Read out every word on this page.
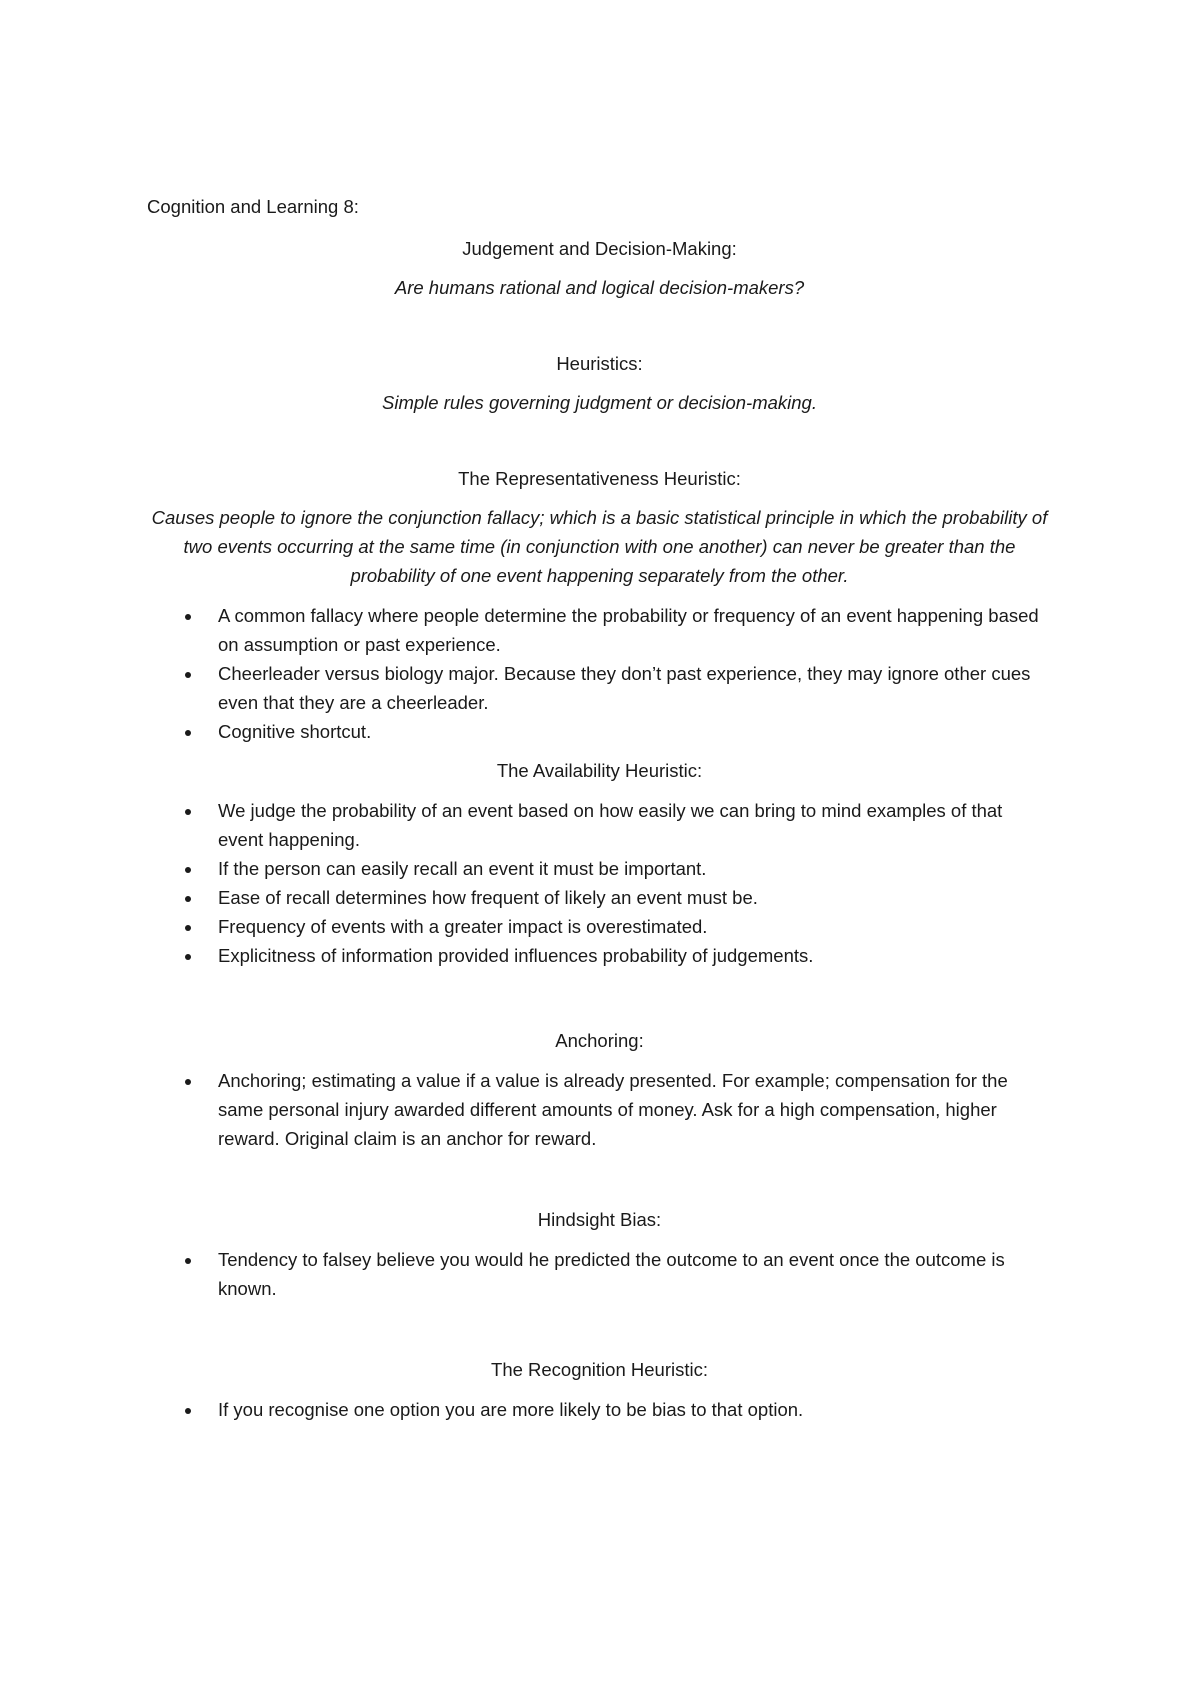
Cognition and Learning 8:

Judgement and Decision-Making:

Are humans rational and logical decision-makers?

Heuristics:

Simple rules governing judgment or decision-making.

The Representativeness Heuristic:

Causes people to ignore the conjunction fallacy; which is a basic statistical principle in which the probability of two events occurring at the same time (in conjunction with one another) can never be greater than the probability of one event happening separately from the other.

A common fallacy where people determine the probability or frequency of an event happening based on assumption or past experience.
Cheerleader versus biology major. Because they don’t past experience, they may ignore other cues even that they are a cheerleader.
Cognitive shortcut.

The Availability Heuristic:

We judge the probability of an event based on how easily we can bring to mind examples of that event happening.
If the person can easily recall an event it must be important.
Ease of recall determines how frequent of likely an event must be.
Frequency of events with a greater impact is overestimated.
Explicitness of information provided influences probability of judgements.

Anchoring:

Anchoring; estimating a value if a value is already presented. For example; compensation for the same personal injury awarded different amounts of money. Ask for a high compensation, higher reward. Original claim is an anchor for reward.

Hindsight Bias:

Tendency to falsey believe you would he predicted the outcome to an event once the outcome is known.

The Recognition Heuristic:

If you recognise one option you are more likely to be bias to that option.
